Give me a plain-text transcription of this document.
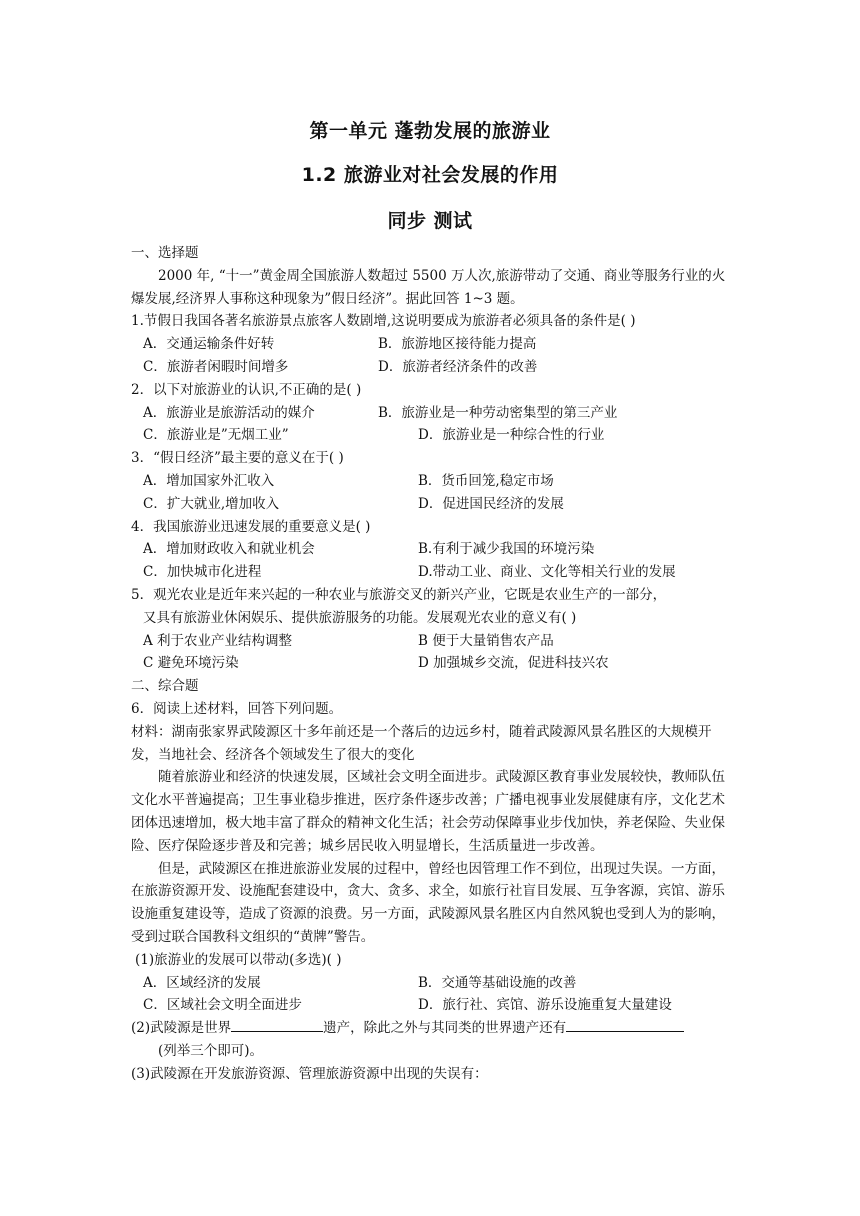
第一单元 蓬勃发展的旅游业
1.2 旅游业对社会发展的作用
同步 测试
一、选择题
2000 年, “十一”黄金周全国旅游人数超过 5500 万人次,旅游带动了交通、商业等服务行业的火爆发展,经济界人事称这种现象为”假日经济”。据此回答 1~3 题。
1.节假日我国各著名旅游景点旅客人数剧增,这说明要成为旅游者必须具备的条件是( )
A．交通运输条件好转	B．旅游地区接待能力提高
C．旅游者闲暇时间增多	D．旅游者经济条件的改善
2．以下对旅游业的认识,不正确的是( )
A．旅游业是旅游活动的媒介	B．旅游业是一种劳动密集型的第三产业
C．旅游业是”无烟工业”	D．旅游业是一种综合性的行业
3．“假日经济”最主要的意义在于( )
A．增加国家外汇收入	B．货币回笼,稳定市场
C．扩大就业,增加收入	D．促进国民经济的发展
4．我国旅游业迅速发展的重要意义是( )
A．增加财政收入和就业机会	B.有利于减少我国的环境污染
C．加快城市化进程	D.带动工业、商业、文化等相关行业的发展
5．观光农业是近年来兴起的一种农业与旅游交叉的新兴产业，它既是农业生产的一部分，
又具有旅游业休闲娱乐、提供旅游服务的功能。发展观光农业的意义有( )
A 利于农业产业结构调整	B 便于大量销售农产品
C 避免环境污染	D 加强城乡交流，促进科技兴农
二、综合题
6．阅读上述材料，回答下列问题。
材料：湖南张家界武陵源区十多年前还是一个落后的边远乡村，随着武陵源风景名胜区的大规模开发，当地社会、经济各个领域发生了很大的变化
随着旅游业和经济的快速发展，区域社会文明全面进步。武陵源区教育事业发展较快，教师队伍文化水平普遍提高；卫生事业稳步推进，医疗条件逐步改善；广播电视事业发展健康有序，文化艺术团体迅速增加，极大地丰富了群众的精神文化生活；社会劳动保障事业步伐加快，养老保险、失业保险、医疗保险逐步普及和完善；城乡居民收入明显增长，生活质量进一步改善。
但是，武陵源区在推进旅游业发展的过程中，曾经也因管理工作不到位，出现过失误。一方面，在旅游资源开发、设施配套建设中，贪大、贪多、求全，如旅行社盲目发展、互争客源，宾馆、游乐设施重复建设等，造成了资源的浪费。另一方面，武陵源风景名胜区内自然风貌也受到人为的影响，受到过联合国教科文组织的“黄牌”警告。
(1)旅游业的发展可以带动(多选)( )
A．区域经济的发展	B．交通等基础设施的改善
C．区域社会文明全面进步	D．旅行社、宾馆、游乐设施重复大量建设
(2)武陵源是世界	遗产，除此之外与其同类的世界遗产还有
(列举三个即可)。
(3)武陵源在开发旅游资源、管理旅游资源中出现的失误有：
